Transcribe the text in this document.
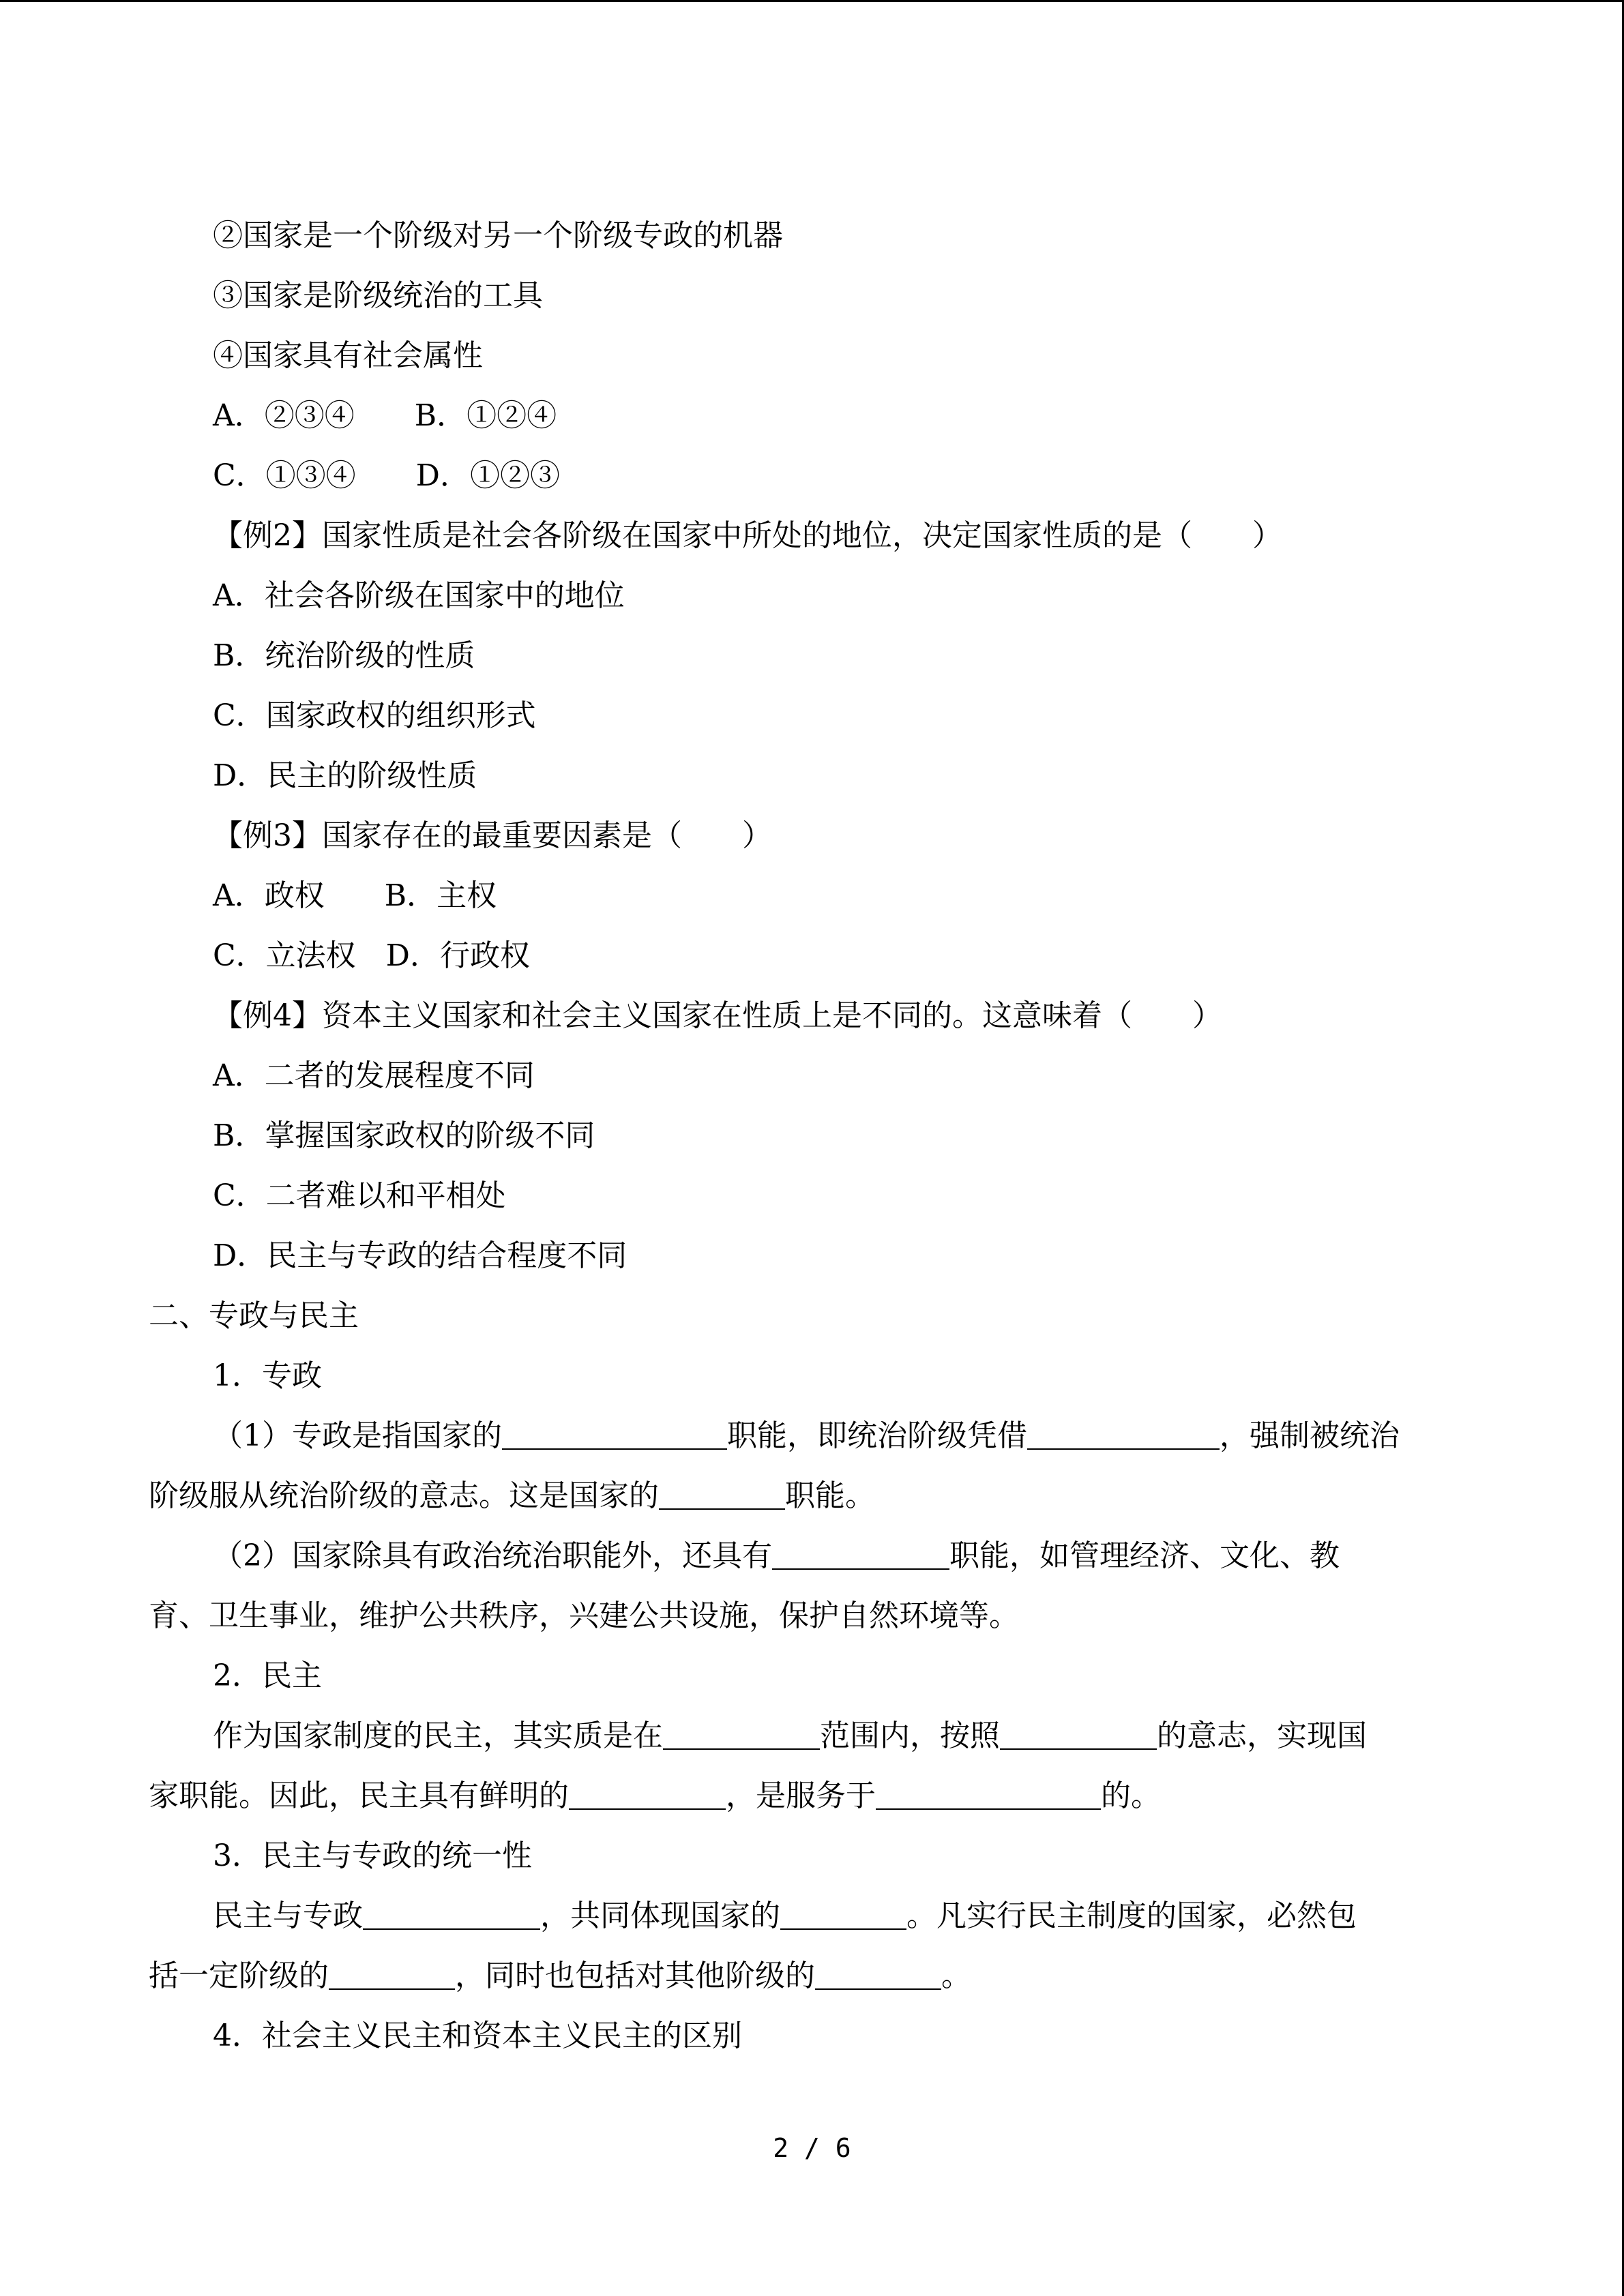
②国家是一个阶级对另一个阶级专政的机器
③国家是阶级统治的工具
④国家具有社会属性
A．②③④　　B．①②④
C．①③④　　D．①②③
【例2】国家性质是社会各阶级在国家中所处的地位，决定国家性质的是（　　）
A．社会各阶级在国家中的地位
B．统治阶级的性质
C．国家政权的组织形式
D．民主的阶级性质
【例3】国家存在的最重要因素是（　　）
A．政权　　B．主权
C．立法权　D．行政权
【例4】资本主义国家和社会主义国家在性质上是不同的。这意味着（　　）
A．二者的发展程度不同
B．掌握国家政权的阶级不同
C．二者难以和平相处
D．民主与专政的结合程度不同
二、专政与民主
1．专政
（1）专政是指国家的	职能，即统治阶级凭借	，强制被统治
阶级服从统治阶级的意志。这是国家的	职能。
（2）国家除具有政治统治职能外，还具有	职能，如管理经济、文化、教
育、卫生事业，维护公共秩序，兴建公共设施，保护自然环境等。
2．民主
作为国家制度的民主，其实质是在	范围内，按照	的意志，实现国
家职能。因此，民主具有鲜明的	，是服务于	的。
3．民主与专政的统一性
民主与专政	，共同体现国家的	。凡实行民主制度的国家，必然包
括一定阶级的	，同时也包括对其他阶级的	。
4．社会主义民主和资本主义民主的区别
2 / 6
